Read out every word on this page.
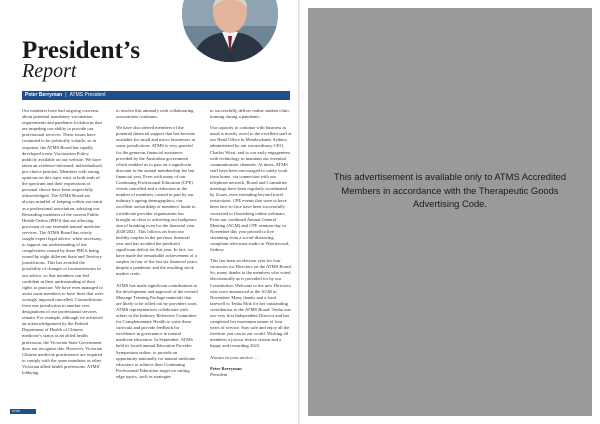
President’s
Report
Peter Berryman | ATMS President

Our members have had ongoing concerns about potential mandatory vaccination requirements and pandemic lockdowns that are impeding our ability to provide our professional services. These issues have continued to be politically volatile, so in response, the ATMS Board has rapidly developed a new Vaccination Policy, publicly available on our website. We have taken an evidence-informed, individualised, pro-choice position. Members with strong opinions on this topic exist at both ends of the spectrum and their expressions of personal choice have been respectfully acknowledged. The ATMS Board are always mindful of keeping within our remit as a professional association, advising our Rewarding members of the current Public Health Orders (PHO) that are affecting provision of our essential natural medicine services. The ATMS Board has wisely sought expert legal advice, when necessary, to support our understanding of the complexities caused by these PHOs being issued by eight different State and Territory jurisdictions. This has avoided the possibility of changes or inconsistencies in our advice, so that members can feel confident in their understanding of their rights to practise. We have even managed to assist some members to have fines that were wrongly imposed cancelled. Contradictions from one jurisdiction to another over designations of our professional services remain. For example, although we achieved an acknowledgement by the Federal Department of Health of Chinese medicine’s status as an allied health profession, the Victorian State Government does not recognise this. However, Victorian Chinese medicine practitioners are required to comply with the same mandates as other Victorian allied health professions. ATMS' lobbying

to resolve this anomaly with collaborating associations continues.

We have also alerted members of the potential financial support that has become available for small and micro businesses in some jurisdictions. ATMS is very grateful for the generous financial assistance provided by the Australian government which enabled us to pass on a significant discount to the annual membership fee last financial year. Even with many of our Continuing Professional Education (CPE) events cancelled and a reduction in the number of members, caused in part by our industry's ageing demographics, our excellent stewardship of members' funds in a medicine provider organisation has brought us close to achieving our budgetary aim of breaking even for the financial year 2020/2021. This follows on from our healthy surplus in the previous financial year and has avoided the predicted significant deficit for this year. In fact, we have made the remarkable achievement of a surplus in four of the last six financial years, despite a pandemic and the resulting stock market crash.

ATMS has made significant contributions to the development and approval of the revised Massage Training Package materials that are likely to be rolled out by providers soon. ATMS representatives collaborate with others in the Industry Reference Committee for Complementary Health to write these curricula and provide feedback for excellence in governance in natural medicine education. In September, ATMS held its fourth annual Education Provider Symposium online, to provide an opportunity nationally for natural medicine educators to achieve their Continuing Professional Education target on cutting edge topics, such as strategies

to successfully deliver online student clinic training during a pandemic.

Our capacity to continue with business as usual is mostly owed to the excellent staff at our Head Office in Meadowbank, Sydney, administered by our extraordinary CEO, Charles Wiart, and to our early engagement with technology to maintain our essential communication channels. At times, ATMS staff have been encouraged to safely work from home, via connection with our telephone network. Board and Committee meetings have been regularly coordinated by Zoom, even extending beyond travel restrictions. CPE events that were to have been face-to-face have been successfully converted to flourishing online webinars. Even our combined Annual General Meeting (AGM) and CPE seminar day in November this year pivoted to live streaming from a social-distancing compliant television studio in Warriewood, Sydney.

This has been an election year for four vacancies for Directors on the ATMS Board. So, many thanks to the members who voted electronically as is provided for by our Constitution. Welcome to the new Directors who were announced at the AGM in November. Many thanks and a fond farewell to Tenha Mok for her outstanding contribution to the ATMS Board. Tenha was our very first Independent Director and has completed her maximum tenure of four years of service. Stay safe and enjoy all the freedom you can in our world. Wishing all members a joyous festive season and a happy and rewarding 2022.

Always in your service …

Peter Berryman
President
ATMS
This advertisement is available only to ATMS Accredited Members in accordance with the Therapeutic Goods Advertising Code.
